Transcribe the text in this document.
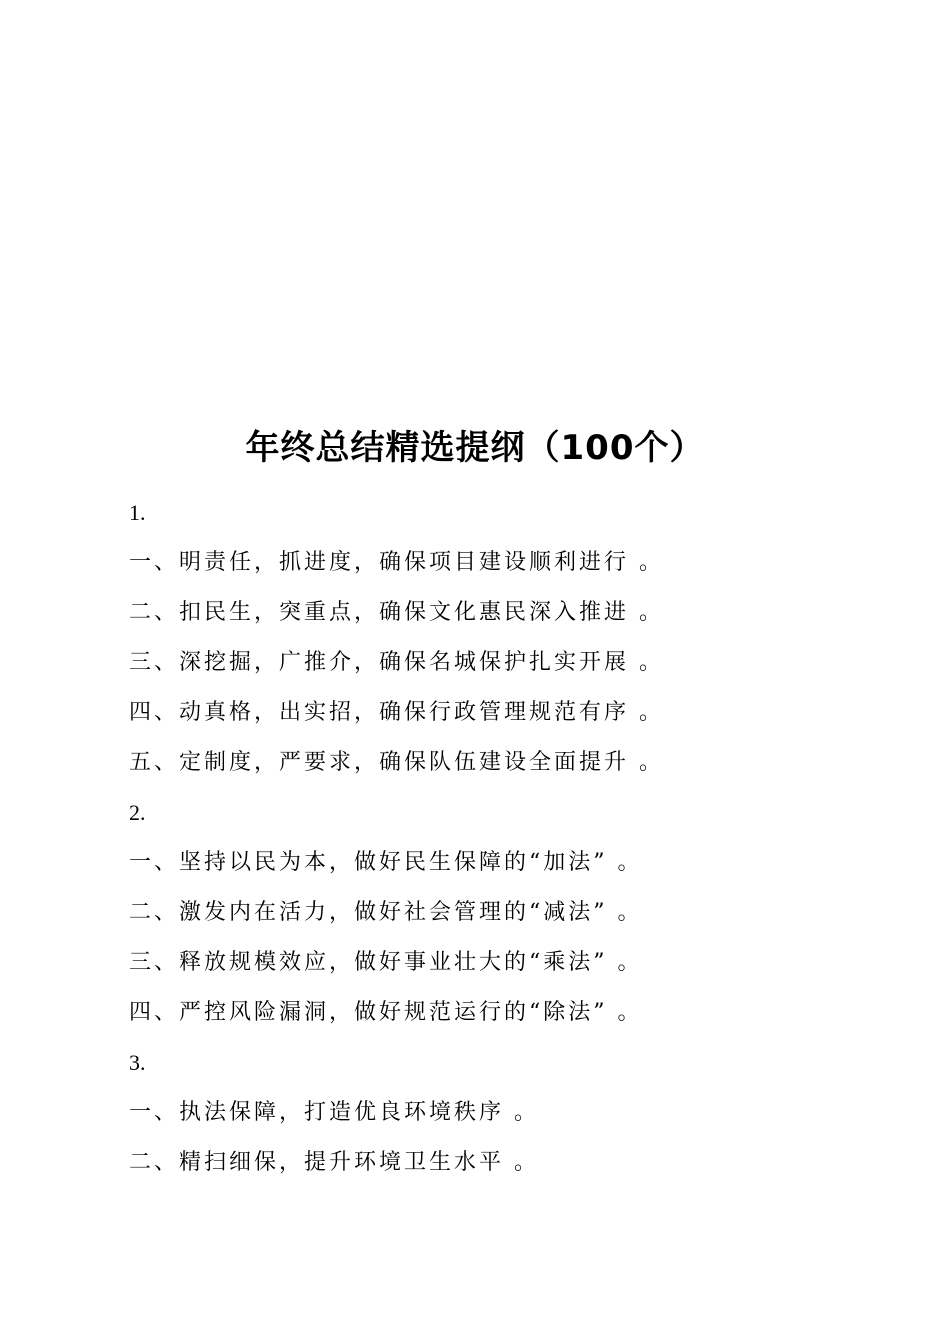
年终总结精选提纲（100个）
1.
一、明责任，抓进度，确保项目建设顺利进行 。
二、扣民生，突重点，确保文化惠民深入推进 。
三、深挖掘，广推介，确保名城保护扎实开展 。
四、动真格，出实招，确保行政管理规范有序 。
五、定制度，严要求，确保队伍建设全面提升 。
2.
一、坚持以民为本，做好民生保障的“加法” 。
二、激发内在活力，做好社会管理的“减法” 。
三、释放规模效应，做好事业壮大的“乘法” 。
四、严控风险漏洞，做好规范运行的“除法” 。
3.
一、执法保障，打造优良环境秩序 。
二、精扫细保，提升环境卫生水平 。
